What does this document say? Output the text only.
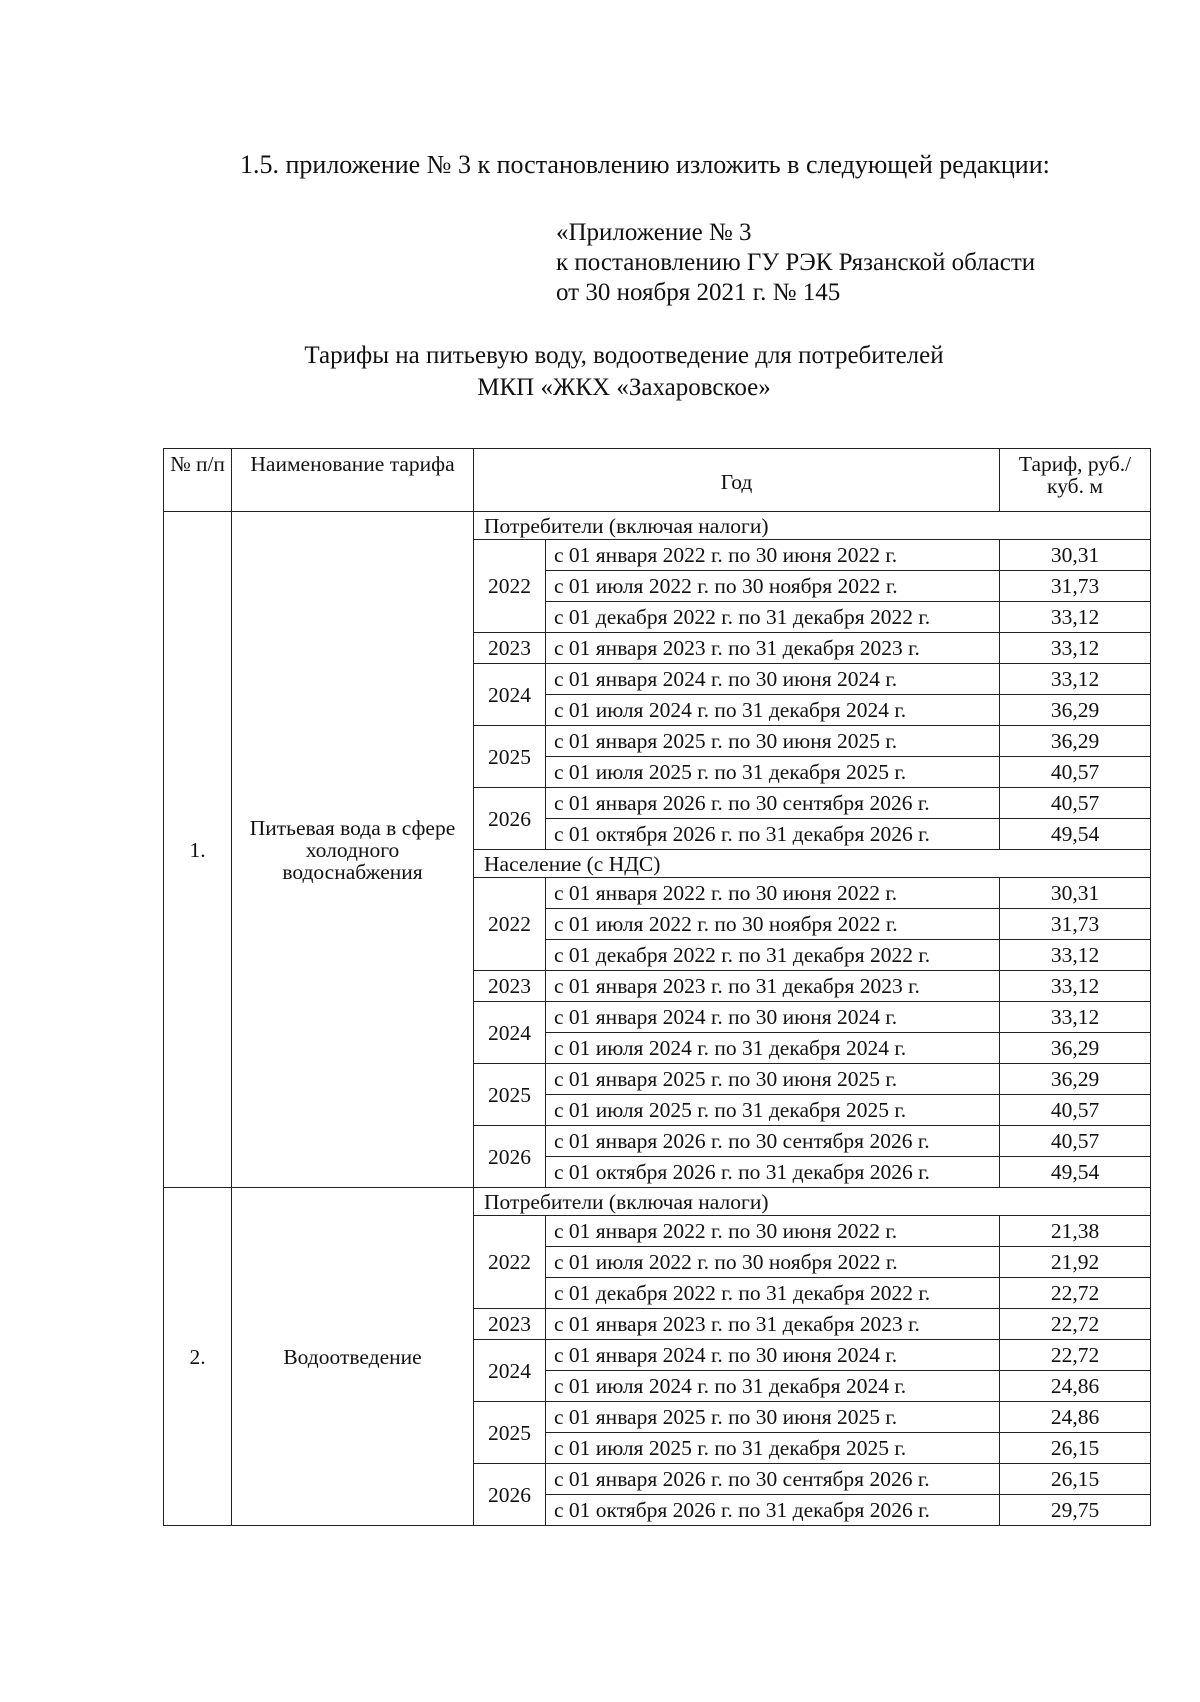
1.5. приложение № 3 к постановлению изложить в следующей редакции:
«Приложение № 3
к постановлению ГУ РЭК Рязанской области
от 30 ноября 2021 г. № 145
Тарифы на питьевую воду, водоотведение для потребителей
МКП «ЖКХ «Захаровское»
№ п/п	Наименование тарифа	Год		Тариф, руб./куб. м
1.	Питьевая вода в сфере холодного водоснабжения	Потребители (включая налоги)		
		2022	с 01 января 2022 г. по 30 июня 2022 г.	30,31
			с 01 июля 2022 г. по 30 ноября 2022 г.	31,73
			с 01 декабря 2022 г. по 31 декабря 2022 г.	33,12
		2023	с 01 января 2023 г. по 31 декабря 2023 г.	33,12
		2024	с 01 января 2024 г. по 30 июня 2024 г.	33,12
			с 01 июля 2024 г. по 31 декабря 2024 г.	36,29
		2025	с 01 января 2025 г. по 30 июня 2025 г.	36,29
			с 01 июля 2025 г. по 31 декабря 2025 г.	40,57
		2026	с 01 января 2026 г. по 30 сентября 2026 г.	40,57
			с 01 октября 2026 г. по 31 декабря 2026 г.	49,54
		Население (с НДС)		
		2022	с 01 января 2022 г. по 30 июня 2022 г.	30,31
			с 01 июля 2022 г. по 30 ноября 2022 г.	31,73
			с 01 декабря 2022 г. по 31 декабря 2022 г.	33,12
		2023	с 01 января 2023 г. по 31 декабря 2023 г.	33,12
		2024	с 01 января 2024 г. по 30 июня 2024 г.	33,12
			с 01 июля 2024 г. по 31 декабря 2024 г.	36,29
		2025	с 01 января 2025 г. по 30 июня 2025 г.	36,29
			с 01 июля 2025 г. по 31 декабря 2025 г.	40,57
		2026	с 01 января 2026 г. по 30 сентября 2026 г.	40,57
			с 01 октября 2026 г. по 31 декабря 2026 г.	49,54
2.	Водоотведение	Потребители (включая налоги)		
		2022	с 01 января 2022 г. по 30 июня 2022 г.	21,38
			с 01 июля 2022 г. по 30 ноября 2022 г.	21,92
			с 01 декабря 2022 г. по 31 декабря 2022 г.	22,72
		2023	с 01 января 2023 г. по 31 декабря 2023 г.	22,72
		2024	с 01 января 2024 г. по 30 июня 2024 г.	22,72
			с 01 июля 2024 г. по 31 декабря 2024 г.	24,86
		2025	с 01 января 2025 г. по 30 июня 2025 г.	24,86
			с 01 июля 2025 г. по 31 декабря 2025 г.	26,15
		2026	с 01 января 2026 г. по 30 сентября 2026 г.	26,15
			с 01 октября 2026 г. по 31 декабря 2026 г.	29,75
